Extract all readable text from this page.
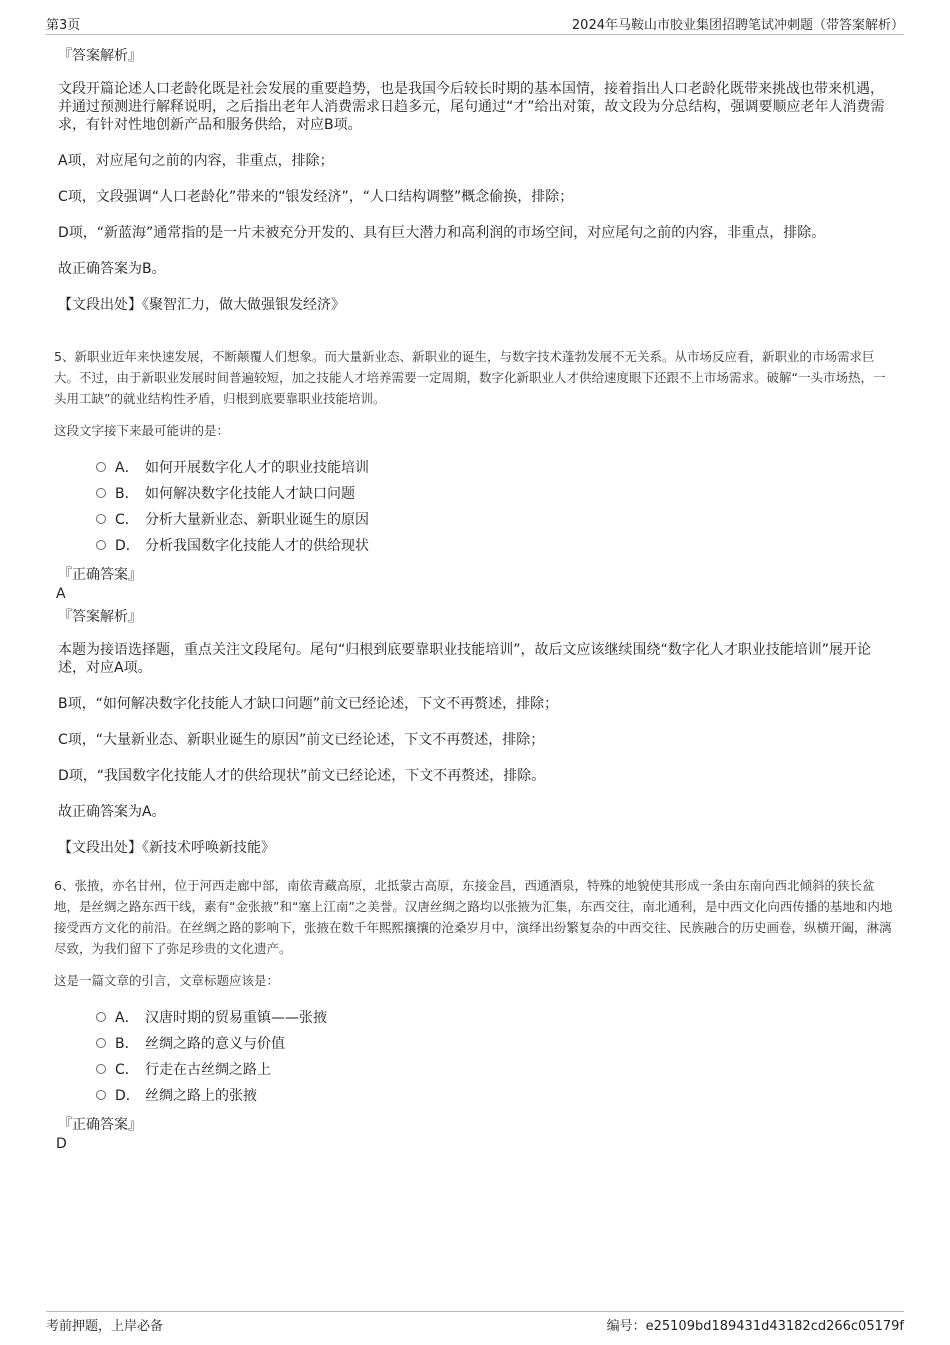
第3页	2024年马鞍山市胶业集团招聘笔试冲刺题（带答案解析）

『答案解析』

文段开篇论述人口老龄化既是社会发展的重要趋势，也是我国今后较长时期的基本国情，接着指出人口老龄化既带来挑战也带来机遇，并通过预测进行解释说明，之后指出老年人消费需求日趋多元，尾句通过“才”给出对策，故文段为分总结构，强调要顺应老年人消费需求，有针对性地创新产品和服务供给，对应B项。

A项，对应尾句之前的内容，非重点，排除；

C项，文段强调“人口老龄化”带来的“银发经济”，“人口结构调整”概念偷换，排除；

D项，“新蓝海”通常指的是一片未被充分开发的、具有巨大潜力和高利润的市场空间，对应尾句之前的内容，非重点，排除。

故正确答案为B。

【文段出处】《聚智汇力，做大做强银发经济》

5、新职业近年来快速发展，不断颠覆人们想象。而大量新业态、新职业的诞生，与数字技术蓬勃发展不无关系。从市场反应看，新职业的市场需求巨大。不过，由于新职业发展时间普遍较短，加之技能人才培养需要一定周期，数字化新职业人才供给速度眼下还跟不上市场需求。破解“一头市场热，一头用工缺”的就业结构性矛盾，归根到底要靠职业技能培训。

这段文字接下来最可能讲的是：

A． 如何开展数字化人才的职业技能培训
B． 如何解决数字化技能人才缺口问题
C． 分析大量新业态、新职业诞生的原因
D． 分析我国数字化技能人才的供给现状

『正确答案』

A

『答案解析』

本题为接语选择题，重点关注文段尾句。尾句“归根到底要靠职业技能培训”，故后文应该继续围绕“数字化人才职业技能培训”展开论述，对应A项。

B项，“如何解决数字化技能人才缺口问题”前文已经论述，下文不再赘述，排除；

C项，“大量新业态、新职业诞生的原因”前文已经论述，下文不再赘述，排除；

D项，“我国数字化技能人才的供给现状”前文已经论述，下文不再赘述，排除。

故正确答案为A。

【文段出处】《新技术呼唤新技能》

6、张掖，亦名甘州，位于河西走廊中部，南依青藏高原，北抵蒙古高原，东接金昌，西通酒泉，特殊的地貌使其形成一条由东南向西北倾斜的狭长盆地，是丝绸之路东西干线，素有“金张掖”和“塞上江南”之美誉。汉唐丝绸之路均以张掖为汇集，东西交往，南北通利，是中西文化向西传播的基地和内地接受西方文化的前沿。在丝绸之路的影响下，张掖在数千年熙熙攘攘的沧桑岁月中，演绎出纷繁复杂的中西交往、民族融合的历史画卷，纵横开阖，淋漓尽致，为我们留下了弥足珍贵的文化遗产。

这是一篇文章的引言，文章标题应该是：

A． 汉唐时期的贸易重镇——张掖
B． 丝绸之路的意义与价值
C． 行走在古丝绸之路上
D． 丝绸之路上的张掖

『正确答案』

D

考前押题，上岸必备	编号：e25109bd189431d43182cd266c05179f
